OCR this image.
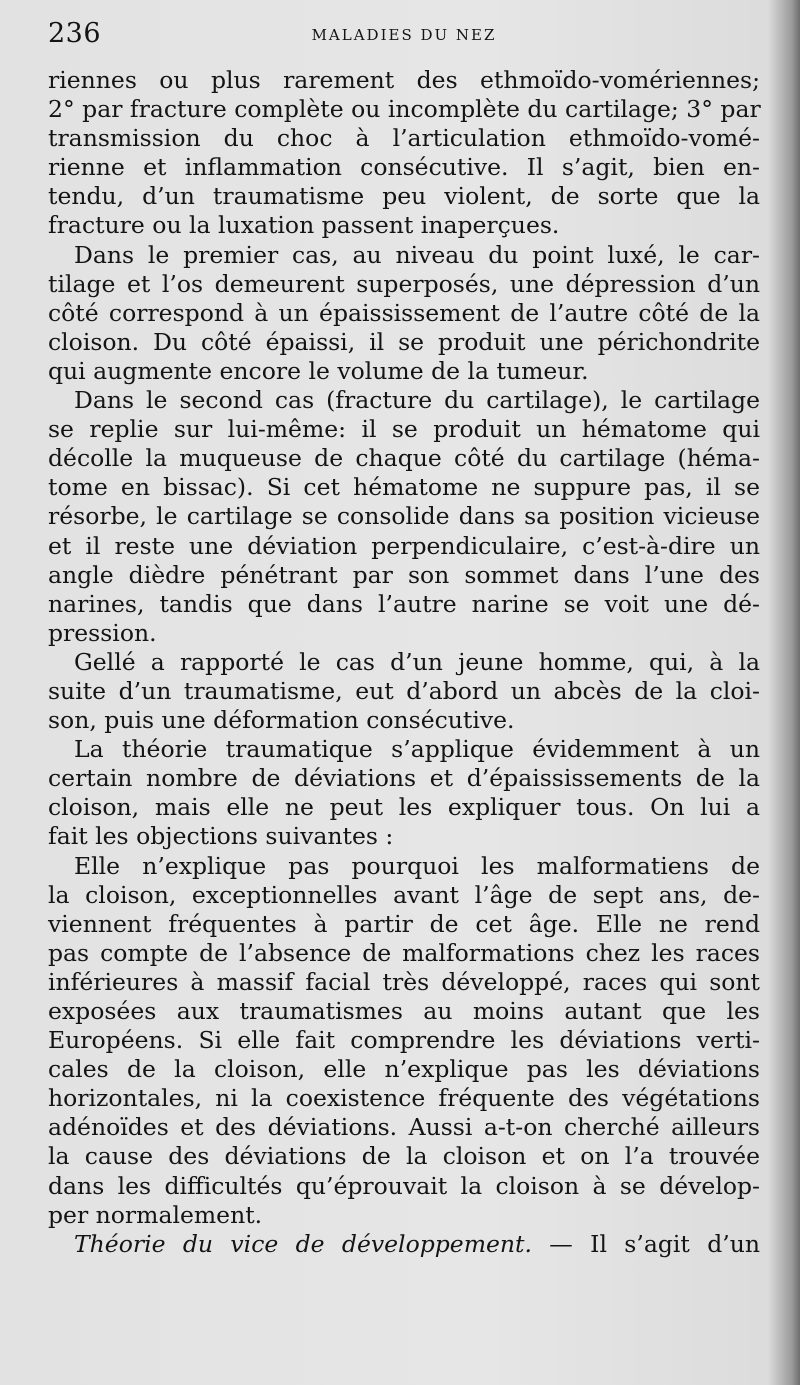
236	MALADIES DU NEZ
riennes ou plus rarement des ethmoïdo-vomériennes;
2° par fracture complète ou incomplète du cartilage; 3° par
transmission du choc à l’articulation ethmoïdo-vomé-
rienne et inflammation consécutive. Il s’agit, bien en-
tendu, d’un traumatisme peu violent, de sorte que la
fracture ou la luxation passent inaperçues.
Dans le premier cas, au niveau du point luxé, le car-
tilage et l’os demeurent superposés, une dépression d’un
côté correspond à un épaississement de l’autre côté de la
cloison. Du côté épaissi, il se produit une périchondrite
qui augmente encore le volume de la tumeur.
Dans le second cas (fracture du cartilage), le cartilage
se replie sur lui-même: il se produit un hématome qui
décolle la muqueuse de chaque côté du cartilage (héma-
tome en bissac). Si cet hématome ne suppure pas, il se
résorbe, le cartilage se consolide dans sa position vicieuse
et il reste une déviation perpendiculaire, c’est-à-dire un
angle dièdre pénétrant par son sommet dans l’une des
narines, tandis que dans l’autre narine se voit une dé-
pression.
Gellé a rapporté le cas d’un jeune homme, qui, à la
suite d’un traumatisme, eut d’abord un abcès de la cloi-
son, puis une déformation consécutive.
La théorie traumatique s’applique évidemment à un
certain nombre de déviations et d’épaississements de la
cloison, mais elle ne peut les expliquer tous. On lui a
fait les objections suivantes :
Elle n’explique pas pourquoi les malformatiens de
la cloison, exceptionnelles avant l’âge de sept ans, de-
viennent fréquentes à partir de cet âge. Elle ne rend
pas compte de l’absence de malformations chez les races
inférieures à massif facial très développé, races qui sont
exposées aux traumatismes au moins autant que les
Européens. Si elle fait comprendre les déviations verti-
cales de la cloison, elle n’explique pas les déviations
horizontales, ni la coexistence fréquente des végétations
adénoïdes et des déviations. Aussi a-t-on cherché ailleurs
la cause des déviations de la cloison et on l’a trouvée
dans les difficultés qu’éprouvait la cloison à se dévelop-
per normalement.
Théorie du vice de développement. — Il s’agit d’un
